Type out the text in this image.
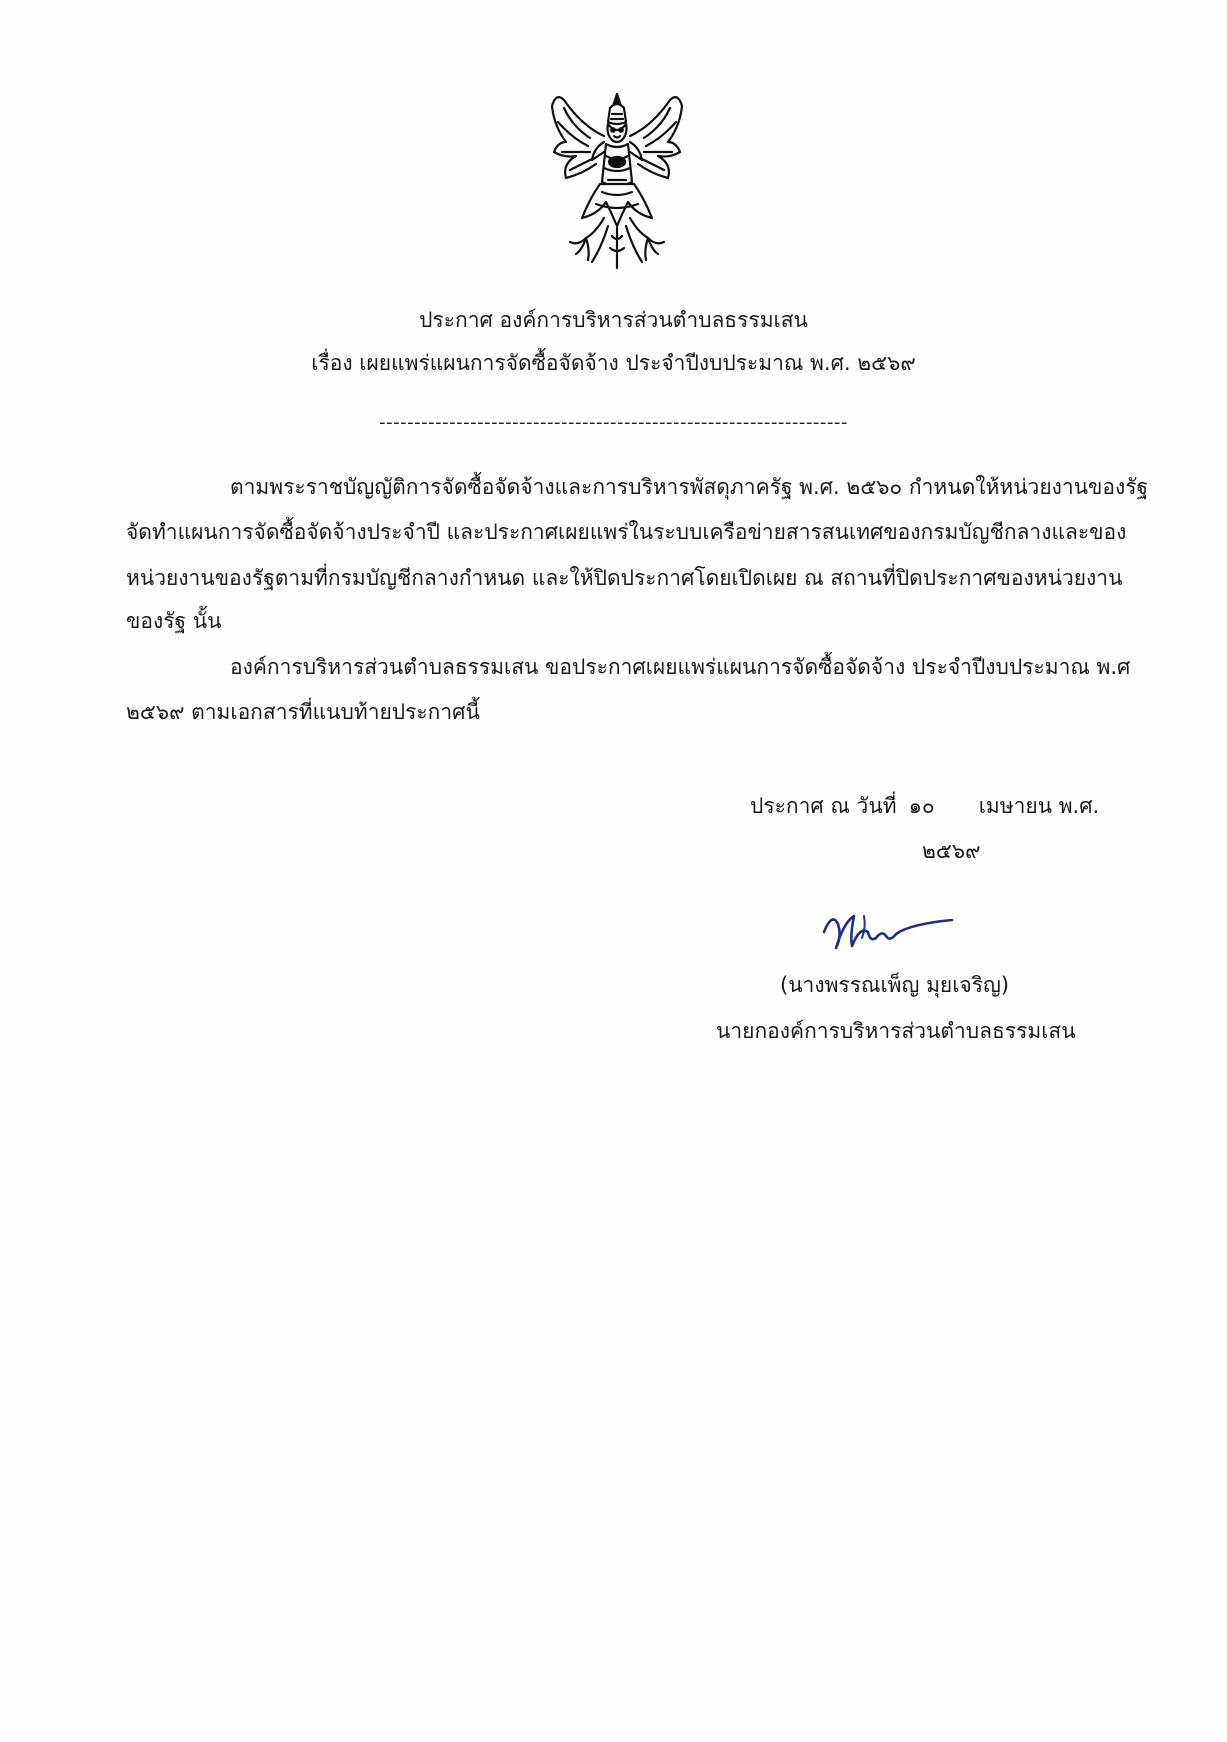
ประกาศ องค์การบริหารส่วนตำบลธรรมเสน
เรื่อง เผยแพร่แผนการจัดซื้อจัดจ้าง ประจำปีงบประมาณ พ.ศ. ๒๕๖๙
-------------------------------------------------------------------
ตามพระราชบัญญัติการจัดซื้อจัดจ้างและการบริหารพัสดุภาครัฐ พ.ศ. ๒๕๖๐ กำหนดให้หน่วยงานของรัฐ
จัดทำแผนการจัดซื้อจัดจ้างประจำปี และประกาศเผยแพร่ในระบบเครือข่ายสารสนเทศของกรมบัญชีกลางและของ
หน่วยงานของรัฐตามที่กรมบัญชีกลางกำหนด และให้ปิดประกาศโดยเปิดเผย ณ สถานที่ปิดประกาศของหน่วยงาน
ของรัฐ นั้น
องค์การบริหารส่วนตำบลธรรมเสน ขอประกาศเผยแพร่แผนการจัดซื้อจัดจ้าง ประจำปีงบประมาณ พ.ศ
๒๕๖๙ ตามเอกสารที่แนบท้ายประกาศนี้
ประกาศ ณ วันที่ ๑๐ เมษายน พ.ศ.
๒๕๖๙
(นางพรรณเพ็ญ มุยเจริญ)
นายกองค์การบริหารส่วนตำบลธรรมเสน
